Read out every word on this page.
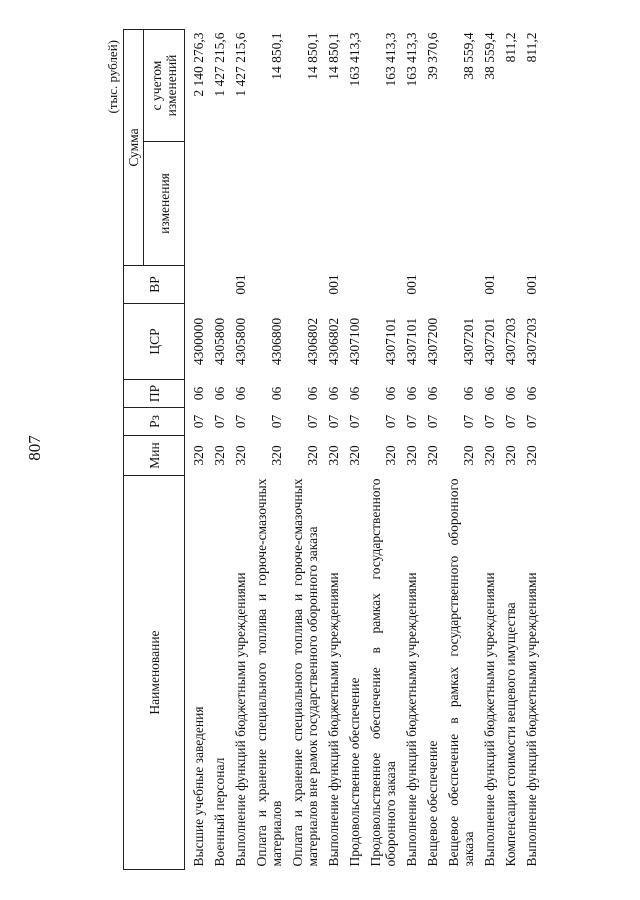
807
(тыс. рублей)
Наименование	Мин	Рз	ПР	ЦСР	ВР	Сумма	
						изменения	с учетом изменений
Высшие учебные заведения	320	07	06	4300000			2 140 276,3
Военный персонал	320	07	06	4305800			1 427 215,6
Выполнение функций бюджетными учреждениями	320	07	06	4305800	001		1 427 215,6
Оплата и хранение специального топлива и горюче-смазочных материалов	320	07	06	4306800			14 850,1
Оплата и хранение специального топлива и горюче-смазочных материалов вне рамок государственного оборонного заказа	320	07	06	4306802			14 850,1
Выполнение функций бюджетными учреждениями	320	07	06	4306802	001		14 850,1
Продовольственное обеспечение	320	07	06	4307100			163 413,3
Продовольственное обеспечение в рамках государственного оборонного заказа	320	07	06	4307101			163 413,3
Выполнение функций бюджетными учреждениями	320	07	06	4307101	001		163 413,3
Вещевое обеспечение	320	07	06	4307200			39 370,6
Вещевое обеспечение в рамках государственного оборонного заказа	320	07	06	4307201			38 559,4
Выполнение функций бюджетными учреждениями	320	07	06	4307201	001		38 559,4
Компенсация стоимости вещевого имущества	320	07	06	4307203			811,2
Выполнение функций бюджетными учреждениями	320	07	06	4307203	001		811,2
